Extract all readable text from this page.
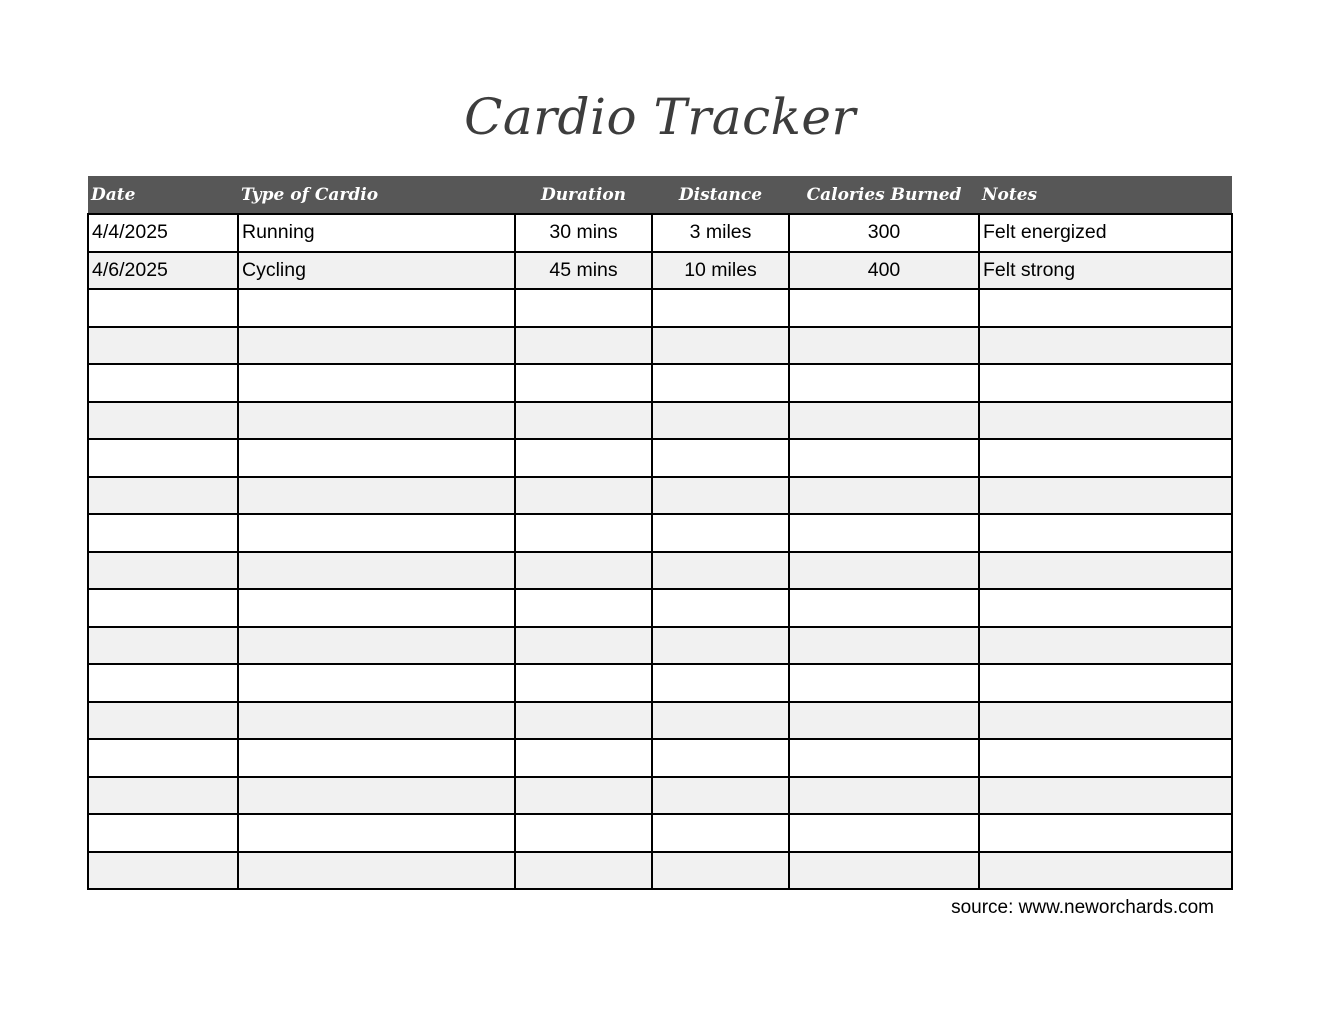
Cardio Tracker
Date	Type of Cardio	Duration	Distance	Calories Burned	Notes
4/4/2025	Running	30 mins	3 miles	300	Felt energized
4/6/2025	Cycling	45 mins	10 miles	400	Felt strong

source: www.neworchards.com
